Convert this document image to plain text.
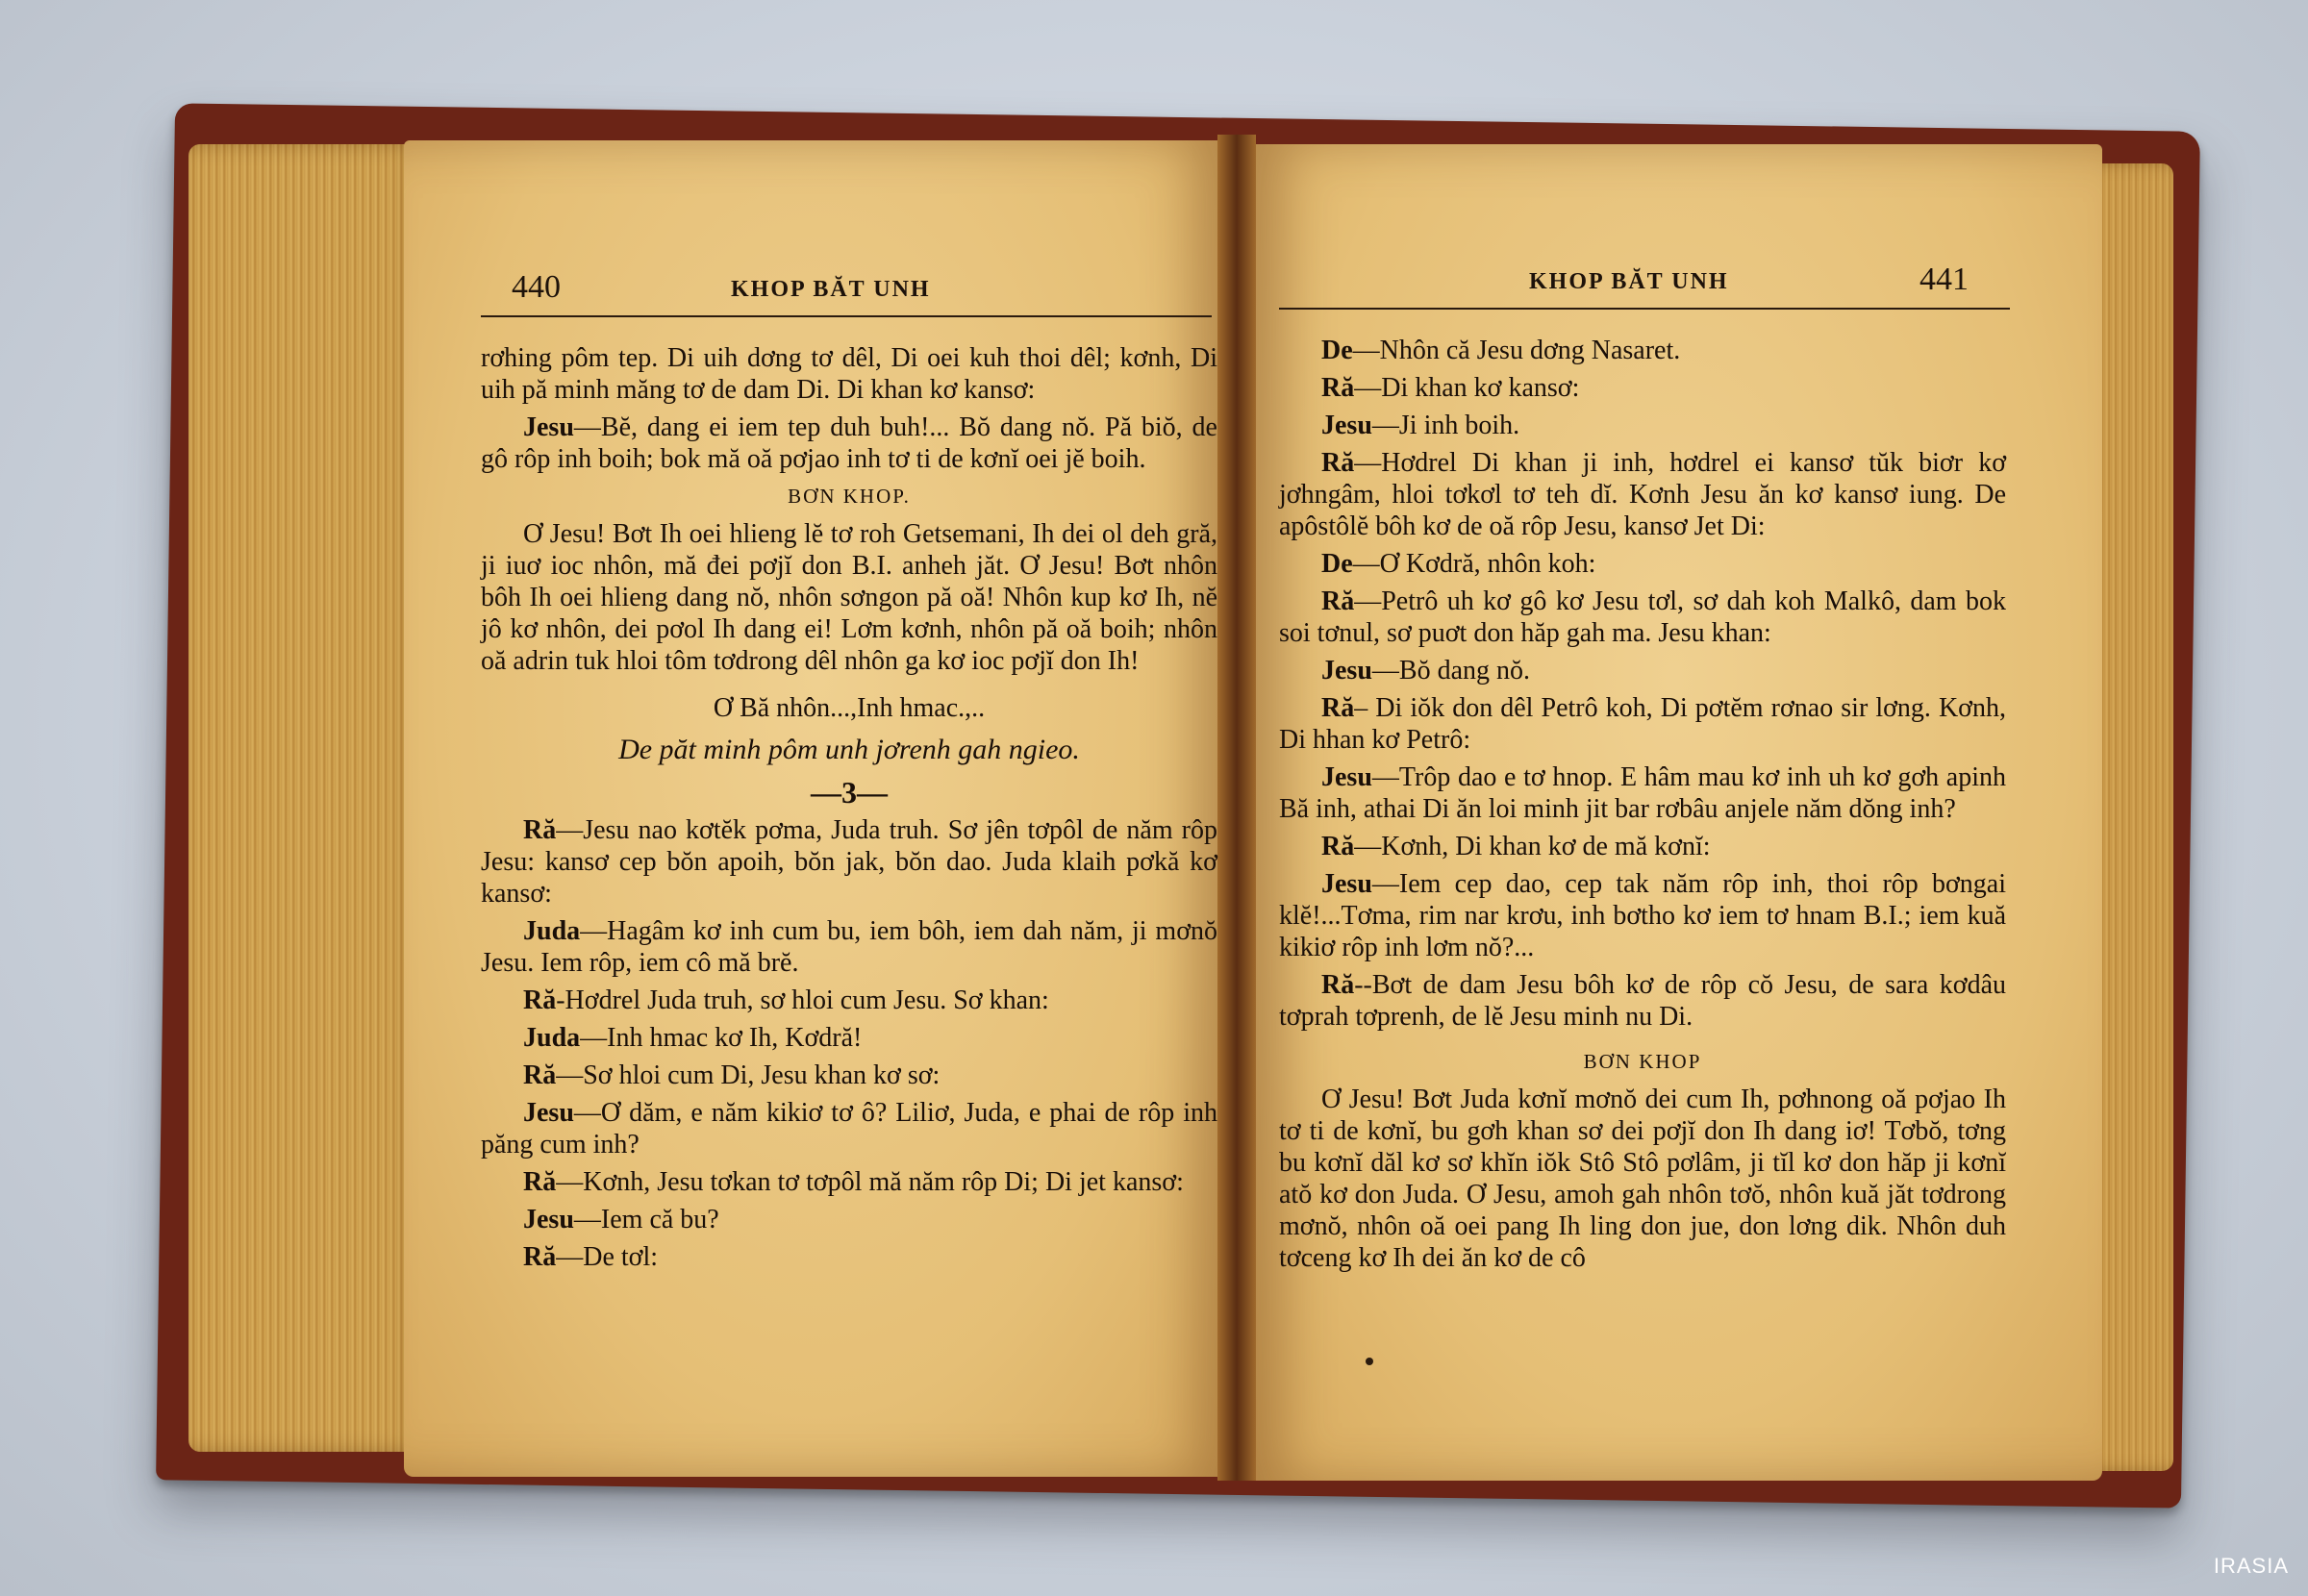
440	KHOP BĂT UNH

rơhing pôm tep. Di uih dơng tơ dêl, Di oei kuh thoi dêl; kơnh, Di uih pă minh măng tơ de dam Di. Di khan kơ kansơ:

Jesu—Bĕ, dang ei iem tep duh buh!... Bŏ dang nŏ. Pă biŏ, de gô rôp inh boih; bok mă oă pơjao inh tơ ti de kơnĭ oei jĕ boih.

BƠN KHOP.

Ơ Jesu! Bơt Ih oei hlieng lĕ tơ roh Getsemani, Ih dei ol deh gră, ji iuơ ioc nhôn, mă đei pơjĭ don B.I. anheh jăt. Ơ Jesu! Bơt nhôn bôh Ih oei hlieng dang nŏ, nhôn sơngon pă oă! Nhôn kup kơ Ih, nĕ jô kơ nhôn, dei pơol Ih dang ei! Lơm kơnh, nhôn pă oă boih; nhôn oă adrin tuk hloi tôm tơdrong dêl nhôn ga kơ ioc pơjĭ don Ih!

Ơ Bă nhôn...,Inh hmac.,..

De păt minh pôm unh jơrenh gah ngieo.

—3—

Ră—Jesu nao kơtĕk pơma, Juda truh. Sơ jên tơpôl de năm rôp Jesu: kansơ cep bŏn apoih, bŏn jak, bŏn dao. Juda klaih pơkă kơ kansơ:

Juda—Hagâm kơ inh cum bu, iem bôh, iem dah năm, ji mơnŏ Jesu. Iem rôp, iem cô mă brĕ.

Ră-Hơdrel Juda truh, sơ hloi cum Jesu. Sơ khan:

Juda—Inh hmac kơ Ih, Kơdră!

Ră—Sơ hloi cum Di, Jesu khan kơ sơ:

Jesu—Ơ dăm, e năm kikiơ tơ ô? Liliơ, Juda, e phai de rôp inh păng cum inh?

Ră—Kơnh, Jesu tơkan tơ tơpôl mă năm rôp Di; Di jet kansơ:

Jesu—Iem că bu?

Ră—De tơl:

KHOP BĂT UNH	441

De—Nhôn că Jesu dơng Nasaret.

Ră—Di khan kơ kansơ:

Jesu—Ji inh boih.

Ră—Hơdrel Di khan ji inh, hơdrel ei kansơ tŭk biơr kơ jơhngâm, hloi tơkơl tơ teh dĭ. Kơnh Jesu ăn kơ kansơ iung. De apôstôlĕ bôh kơ de oă rôp Jesu, kansơ Jet Di:

De—Ơ Kơdră, nhôn koh:

Ră—Petrô uh kơ gô kơ Jesu tơl, sơ dah koh Malkô, dam bok soi tơnul, sơ puơt don hăp gah ma. Jesu khan:

Jesu—Bŏ dang nŏ.

Ră– Di iŏk don dêl Petrô koh, Di pơtĕm rơnao sir lơng. Kơnh, Di hhan kơ Petrô:

Jesu—Trôp dao e tơ hnop. E hâm mau kơ inh uh kơ gơh apinh Bă inh, athai Di ăn loi minh jit bar rơbâu anjele năm dŏng inh?

Ră—Kơnh, Di khan kơ de mă kơnĭ:

Jesu—Iem cep dao, cep tak năm rôp inh, thoi rôp bơngai klĕ!...Tơma, rim nar krơu, inh bơtho kơ iem tơ hnam B.I.; iem kuă kikiơ rôp inh lơm nŏ?...

Ră--Bơt de dam Jesu bôh kơ de rôp cŏ Jesu, de sara kơdâu tơprah tơprenh, de lĕ Jesu minh nu Di.

BƠN KHOP

Ơ Jesu! Bơt Juda kơnĭ mơnŏ dei cum Ih, pơhnong oă pơjao Ih tơ ti de kơnĭ, bu gơh khan sơ dei pơjĭ don Ih dang iơ! Tơbŏ, tơng bu kơnĭ dăl kơ sơ khĭn iŏk Stô Stô pơlâm, ji tĭl kơ don hăp ji kơnĭ atŏ kơ don Juda. Ơ Jesu, amoh gah nhôn tơŏ, nhôn kuă jăt tơdrong mơnŏ, nhôn oă oei pang Ih ling don jue, don lơng dik. Nhôn duh tơceng kơ Ih dei ăn kơ de cô

IRASIA
